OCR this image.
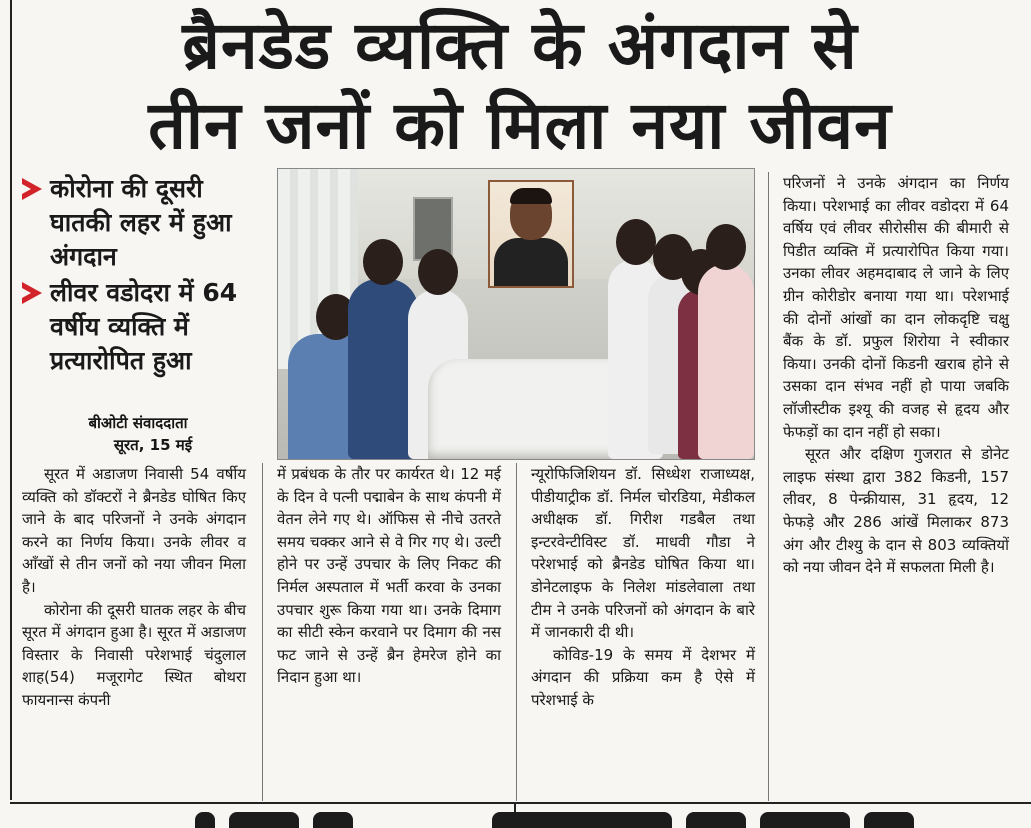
ब्रैनडेड व्यक्ति के अंगदान से
तीन जनों को मिला नया जीवन
कोरोना की दूसरी घातकी लहर में हुआ अंगदान
लीवर वडोदरा में 64 वर्षीय व्यक्ति में प्रत्यारोपित हुआ
बीओटी संवाददाता
सूरत, 15 मई

सूरत में अडाजण निवासी 54 वर्षीय व्यक्ति को डॉक्टरों ने ब्रैनडेड घोषित किए जाने के बाद परिजनों ने उनके अंगदान करने का निर्णय किया। उनके लीवर व आँखों से तीन जनों को नया जीवन मिला है।

कोरोना की दूसरी घातक लहर के बीच सूरत में अंगदान हुआ है। सूरत में अडाजण विस्तार के निवासी परेशभाई चंदुलाल शाह(54) मजूरागेट स्थित बोथरा फायनान्स कंपनी

में प्रबंधक के तौर पर कार्यरत थे। 12 मई के दिन वे पत्नी पद्माबेन के साथ कंपनी में वेतन लेने गए थे। ऑफिस से नीचे उतरते समय चक्कर आने से वे गिर गए थे। उल्टी होने पर उन्हें उपचार के लिए निकट की निर्मल अस्पताल में भर्ती करवा के उनका उपचार शुरू किया गया था। उनके दिमाग का सीटी स्केन करवाने पर दिमाग की नस फट जाने से उन्हें ब्रैन हेमरेज होने का निदान हुआ था।

न्यूरोफिजिशियन डॉ. सिध्धेश राजाध्यक्ष, पीडीयाट्रीक डॉ. निर्मल चोरडिया, मेडीकल अधीक्षक डॉ. गिरीश गडबैल तथा इन्टरवेन्टीविस्ट डॉ. माधवी गौडा ने परेशभाई को ब्रैनडेड घोषित किया था। डोनेटलाइफ के निलेश मांडलेवाला तथा टीम ने उनके परिजनों को अंगदान के बारे में जानकारी दी थी।

कोविड-19 के समय में देशभर में अंगदान की प्रक्रिया कम है ऐसे में परेशभाई के

परिजनों ने उनके अंगदान का निर्णय किया। परेशभाई का लीवर वडोदरा में 64 वर्षिय एवं लीवर सीरोसीस की बीमारी से पिडीत व्यक्ति में प्रत्यारोपित किया गया। उनका लीवर अहमदाबाद ले जाने के लिए ग्रीन कोरीडोर बनाया गया था। परेशभाई की दोनों आंखों का दान लोकदृष्टि चक्षु बैंक के डॉ. प्रफुल शिरोया ने स्वीकार किया। उनकी दोनों किडनी खराब होने से उसका दान संभव नहीं हो पाया जबकि लॉजीस्टीक इश्यू की वजह से हृदय और फेफड़ों का दान नहीं हो सका।

सूरत और दक्षिण गुजरात से डोनेट लाइफ संस्था द्वारा 382 किडनी, 157 लीवर, 8 पेन्क्रीयास, 31 हृदय, 12 फेफड़े और 286 आंखें मिलाकर 873 अंग और टीश्यु के दान से 803 व्यक्तियों को नया जीवन देने में सफलता मिली है।
